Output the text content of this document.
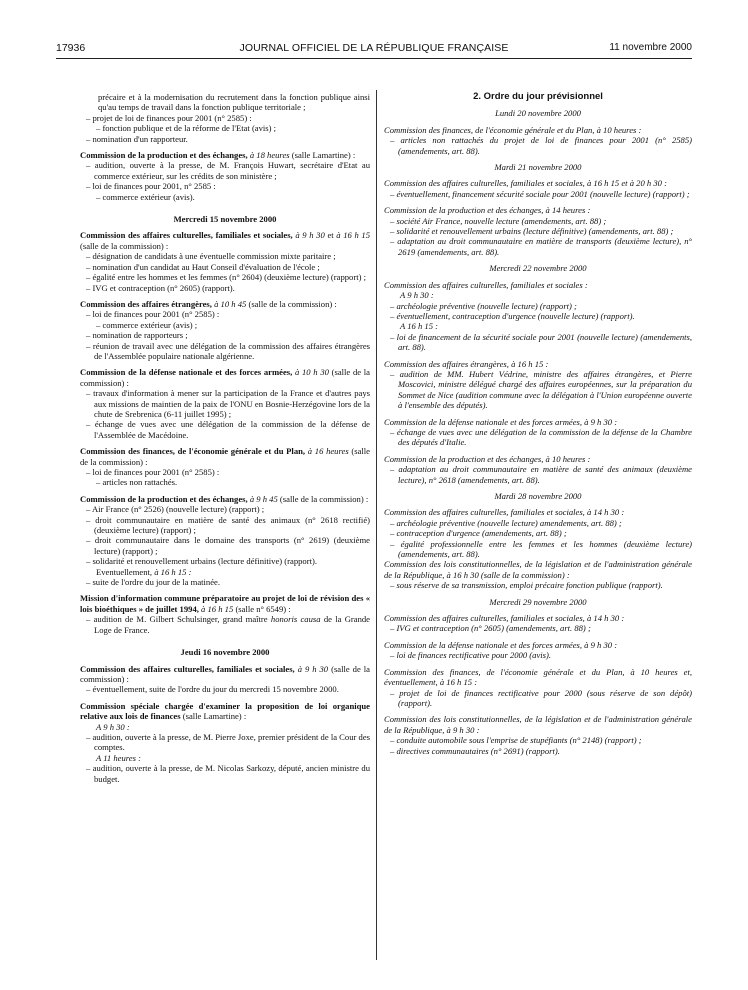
17936	JOURNAL OFFICIEL DE LA RÉPUBLIQUE FRANÇAISE	11 novembre 2000

précaire et à la modernisation du recrutement dans la fonction publique ainsi qu'au temps de travail dans la fonction publique territoriale ;

– projet de loi de finances pour 2001 (n° 2585) :

– fonction publique et de la réforme de l'Etat (avis) ;

– nomination d'un rapporteur.

Commission de la production et des échanges, à 18 heures (salle Lamartine) :

– audition, ouverte à la presse, de M. François Huwart, secrétaire d'Etat au commerce extérieur, sur les crédits de son ministère ;

– loi de finances pour 2001, n° 2585 :

– commerce extérieur (avis).

Mercredi 15 novembre 2000

Commission des affaires culturelles, familiales et sociales, à 9 h 30 et à 16 h 15 (salle de la commission) :

– désignation de candidats à une éventuelle commission mixte paritaire ;

– nomination d'un candidat au Haut Conseil d'évaluation de l'école ;

– égalité entre les hommes et les femmes (n° 2604) (deuxième lecture) (rapport) ;

– IVG et contraception (n° 2605) (rapport).

Commission des affaires étrangères, à 10 h 45 (salle de la commission) :

– loi de finances pour 2001 (n° 2585) :

– commerce extérieur (avis) ;

– nomination de rapporteurs ;

– réunion de travail avec une délégation de la commission des affaires étrangères de l'Assemblée populaire nationale algérienne.

Commission de la défense nationale et des forces armées, à 10 h 30 (salle de la commission) :

– travaux d'information à mener sur la participation de la France et d'autres pays aux missions de maintien de la paix de l'ONU en Bosnie-Herzégovine lors de la chute de Srebrenica (6-11 juillet 1995) ;

– échange de vues avec une délégation de la commission de la défense de l'Assemblée de Macédoine.

Commission des finances, de l'économie générale et du Plan, à 16 heures (salle de la commission) :

– loi de finances pour 2001 (n° 2585) :

– articles non rattachés.

Commission de la production et des échanges, à 9 h 45 (salle de la commission) :

– Air France (n° 2526) (nouvelle lecture) (rapport) ;

– droit communautaire en matière de santé des animaux (n° 2618 rectifié) (deuxième lecture) (rapport) ;

– droit communautaire dans le domaine des transports (n° 2619) (deuxième lecture) (rapport) ;

– solidarité et renouvellement urbains (lecture définitive) (rapport).

Eventuellement, à 16 h 15 :

– suite de l'ordre du jour de la matinée.

Mission d'information commune préparatoire au projet de loi de révision des « lois bioéthiques » de juillet 1994, à 16 h 15 (salle n° 6549) :

– audition de M. Gilbert Schulsinger, grand maître honoris causa de la Grande Loge de France.

Jeudi 16 novembre 2000

Commission des affaires culturelles, familiales et sociales, à 9 h 30 (salle de la commission) :

– éventuellement, suite de l'ordre du jour du mercredi 15 novembre 2000.

Commission spéciale chargée d'examiner la proposition de loi organique relative aux lois de finances (salle Lamartine) :

A 9 h 30 :

– audition, ouverte à la presse, de M. Pierre Joxe, premier président de la Cour des comptes.

A 11 heures :

– audition, ouverte à la presse, de M. Nicolas Sarkozy, député, ancien ministre du budget.

2. Ordre du jour prévisionnel

Lundi 20 novembre 2000

Commission des finances, de l'économie générale et du Plan, à 10 heures :

– articles non rattachés du projet de loi de finances pour 2001 (n° 2585) (amendements, art. 88).

Mardi 21 novembre 2000

Commission des affaires culturelles, familiales et sociales, à 16 h 15 et à 20 h 30 :

– éventuellement, financement sécurité sociale pour 2001 (nouvelle lecture) (rapport) ;

Commission de la production et des échanges, à 14 heures :

– société Air France, nouvelle lecture (amendements, art. 88) ;

– solidarité et renouvellement urbains (lecture définitive) (amendements, art. 88) ;

– adaptation au droit communautaire en matière de transports (deuxième lecture), n° 2619 (amendements, art. 88).

Mercredi 22 novembre 2000

Commission des affaires culturelles, familiales et sociales :

A 9 h 30 :

– archéologie préventive (nouvelle lecture) (rapport) ;

– éventuellement, contraception d'urgence (nouvelle lecture) (rapport).

A 16 h 15 :

– loi de financement de la sécurité sociale pour 2001 (nouvelle lecture) (amendements, art. 88).

Commission des affaires étrangères, à 16 h 15 :

– audition de MM. Hubert Védrine, ministre des affaires étrangères, et Pierre Moscovici, ministre délégué chargé des affaires européennes, sur la préparation du Sommet de Nice (audition commune avec la délégation à l'Union européenne ouverte à l'ensemble des députés).

Commission de la défense nationale et des forces armées, à 9 h 30 :

– échange de vues avec une délégation de la commission de la défense de la Chambre des députés d'Italie.

Commission de la production et des échanges, à 10 heures :

– adaptation au droit communautaire en matière de santé des animaux (deuxième lecture), n° 2618 (amendements, art. 88).

Mardi 28 novembre 2000

Commission des affaires culturelles, familiales et sociales, à 14 h 30 :

– archéologie préventive (nouvelle lecture) amendements, art. 88) ;

– contraception d'urgence (amendements, art. 88) ;

– égalité professionnelle entre les femmes et les hommes (deuxième lecture) (amendements, art. 88).

Commission des lois constitutionnelles, de la législation et de l'administration générale de la République, à 16 h 30 (salle de la commission) :

– sous réserve de sa transmission, emploi précaire fonction publique (rapport).

Mercredi 29 novembre 2000

Commission des affaires culturelles, familiales et sociales, à 14 h 30 :

– IVG et contraception (n° 2605) (amendements, art. 88) ;

Commission de la défense nationale et des forces armées, à 9 h 30 :

– loi de finances rectificative pour 2000 (avis).

Commission des finances, de l'économie générale et du Plan, à 10 heures et, éventuellement, à 16 h 15 :

– projet de loi de finances rectificative pour 2000 (sous réserve de son dépôt) (rapport).

Commission des lois constitutionnelles, de la législation et de l'administration générale de la République, à 9 h 30 :

– conduite automobile sous l'emprise de stupéfiants (n° 2148) (rapport) ;

– directives communautaires (n° 2691) (rapport).
